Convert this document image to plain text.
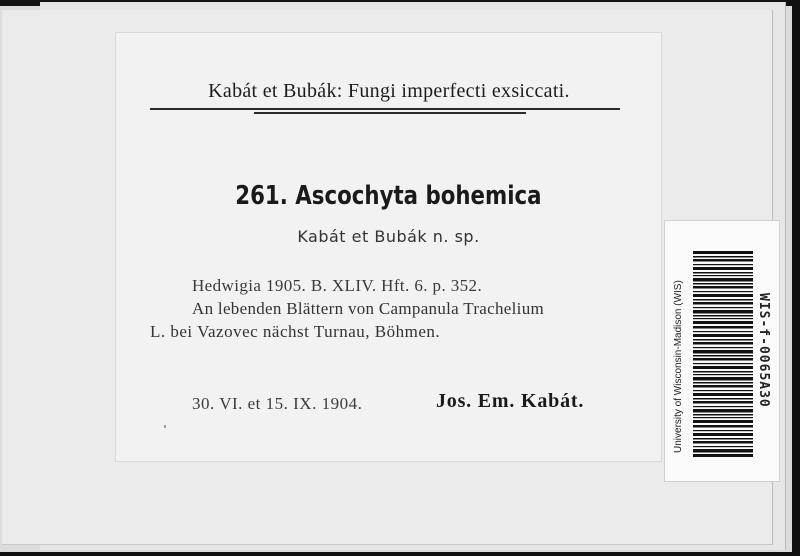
Kabát et Bubák: Fungi imperfecti exsiccati.
261. Ascochyta bohemica
Kabát et Bubák n. sp.
Hedwigia 1905. B. XLIV. Hft. 6. p. 352.
An lebenden Blättern von Campanula Trachelium
L. bei Vazovec nächst Turnau, Böhmen.
30. VI. et 15. IX. 1904.	Jos. Em. Kabát.	University of Wisconsin-Madison (WIS)	WIS-f-0065A30
